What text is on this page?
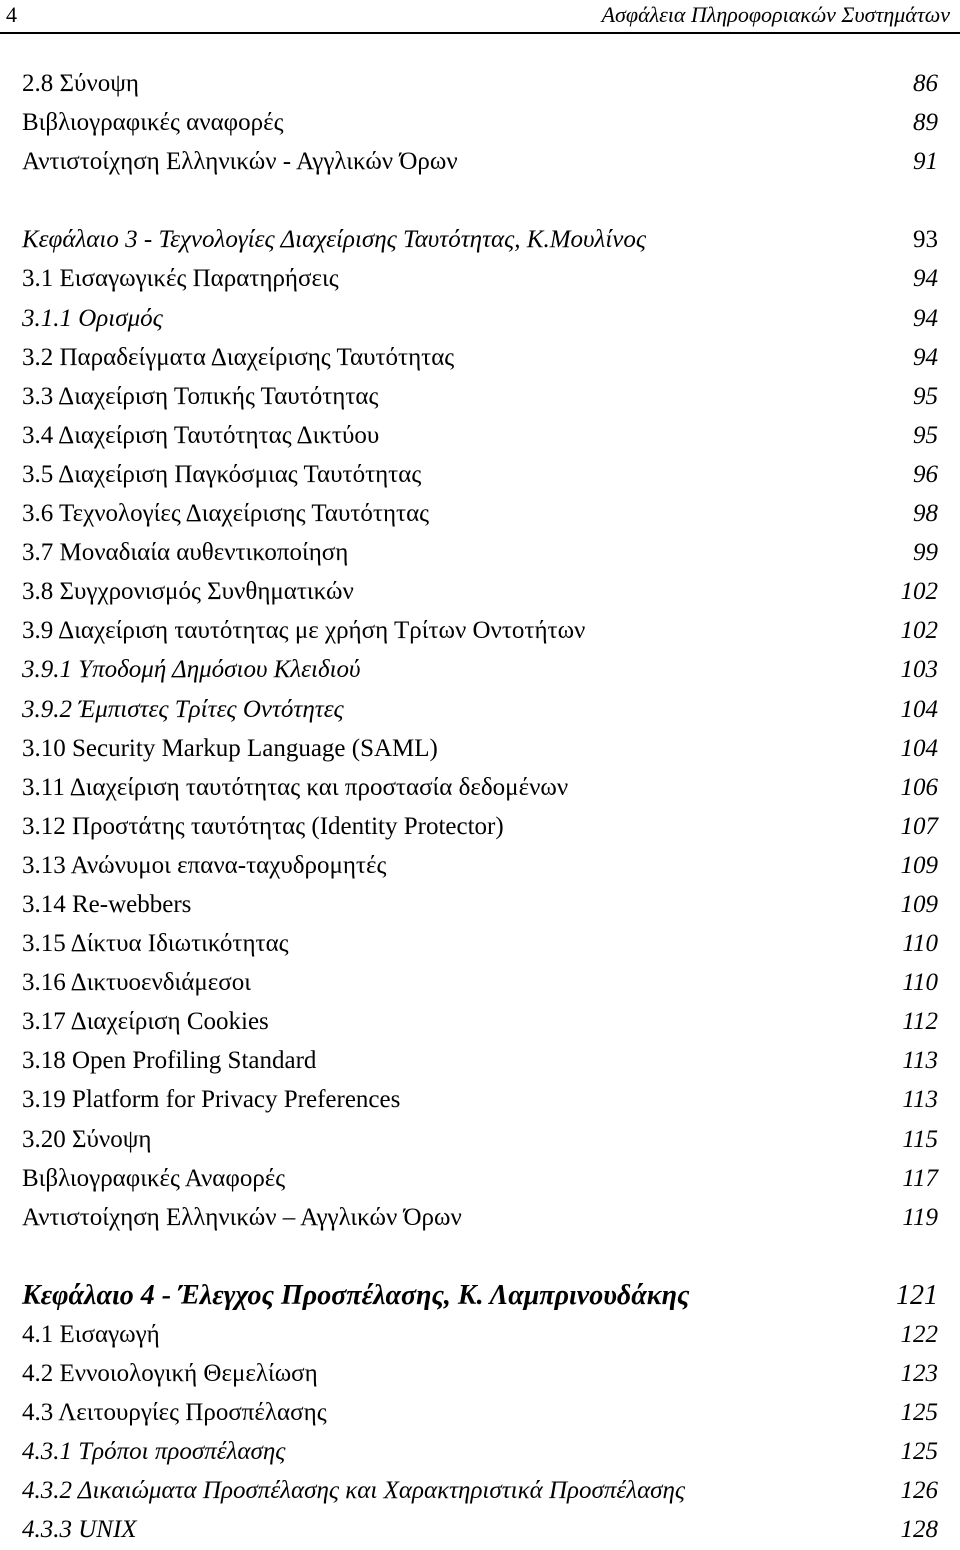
4	Ασφάλεια Πληροφοριακών Συστημάτων
2.8 Σύνοψη	86
Βιβλιογραφικές αναφορές	89
Αντιστοίχηση Ελληνικών - Αγγλικών Όρων	91
Κεφάλαιο 3 - Τεχνολογίες Διαχείρισης Ταυτότητας, Κ.Μουλίνος	93
3.1 Εισαγωγικές Παρατηρήσεις	94
3.1.1 Ορισμός	94
3.2 Παραδείγματα Διαχείρισης Ταυτότητας	94
3.3 Διαχείριση Τοπικής Ταυτότητας	95
3.4 Διαχείριση Ταυτότητας Δικτύου	95
3.5 Διαχείριση Παγκόσμιας Ταυτότητας	96
3.6 Τεχνολογίες Διαχείρισης Ταυτότητας	98
3.7 Μοναδιαία αυθεντικοποίηση	99
3.8 Συγχρονισμός Συνθηματικών	102
3.9 Διαχείριση ταυτότητας με χρήση Τρίτων Οντοτήτων	102
3.9.1 Υποδομή Δημόσιου Κλειδιού	103
3.9.2 Έμπιστες Τρίτες Οντότητες	104
3.10 Security Markup Language (SAML)	104
3.11 Διαχείριση ταυτότητας και προστασία δεδομένων	106
3.12 Προστάτης ταυτότητας (Identity Protector)	107
3.13 Ανώνυμοι επανα-ταχυδρομητές	109
3.14 Re-webbers	109
3.15 Δίκτυα Ιδιωτικότητας	110
3.16 Δικτυοενδιάμεσοι	110
3.17 Διαχείριση Cookies	112
3.18 Open Profiling Standard	113
3.19 Platform for Privacy Preferences	113
3.20 Σύνοψη	115
Βιβλιογραφικές Αναφορές	117
Αντιστοίχηση Ελληνικών – Αγγλικών Όρων	119
Κεφάλαιο 4 - Έλεγχος Προσπέλασης, Κ. Λαμπρινουδάκης	121
4.1 Εισαγωγή	122
4.2 Εννοιολογική Θεμελίωση	123
4.3 Λειτουργίες Προσπέλασης	125
4.3.1 Τρόποι προσπέλασης	125
4.3.2 Δικαιώματα Προσπέλασης και Χαρακτηριστικά Προσπέλασης	126
4.3.3 UNIX	128
